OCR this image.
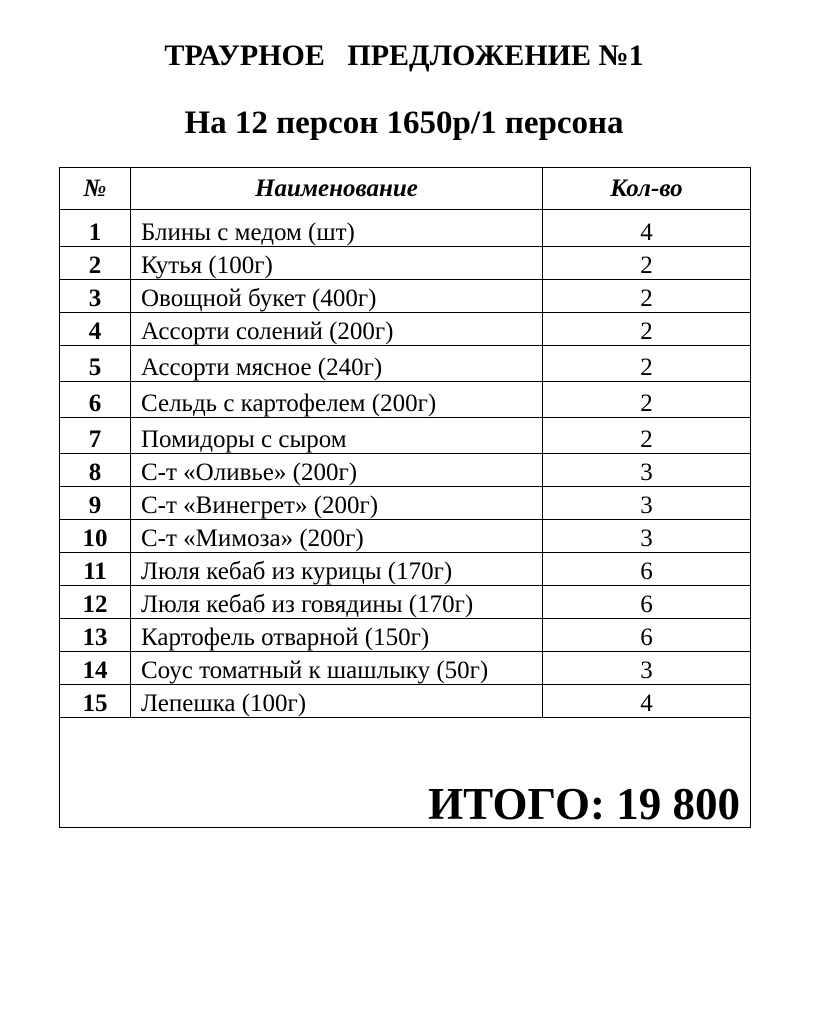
ТРАУРНОЕ   ПРЕДЛОЖЕНИЕ №1
На 12 персон 1650р/1 персона
№	Наименование	Кол-во
1	Блины с медом (шт)	4
2	Кутья (100г)	2
3	Овощной букет (400г)	2
4	Ассорти солений (200г)	2
5	Ассорти мясное (240г)	2
6	Сельдь с картофелем (200г)	2
7	Помидоры с сыром	2
8	С-т «Оливье» (200г)	3
9	С-т «Винегрет» (200г)	3
10	С-т «Мимоза» (200г)	3
11	Люля кебаб из курицы (170г)	6
12	Люля кебаб из говядины (170г)	6
13	Картофель отварной (150г)	6
14	Соус томатный к шашлыку (50г)	3
15	Лепешка (100г)	4
ИТОГО: 19 800		
